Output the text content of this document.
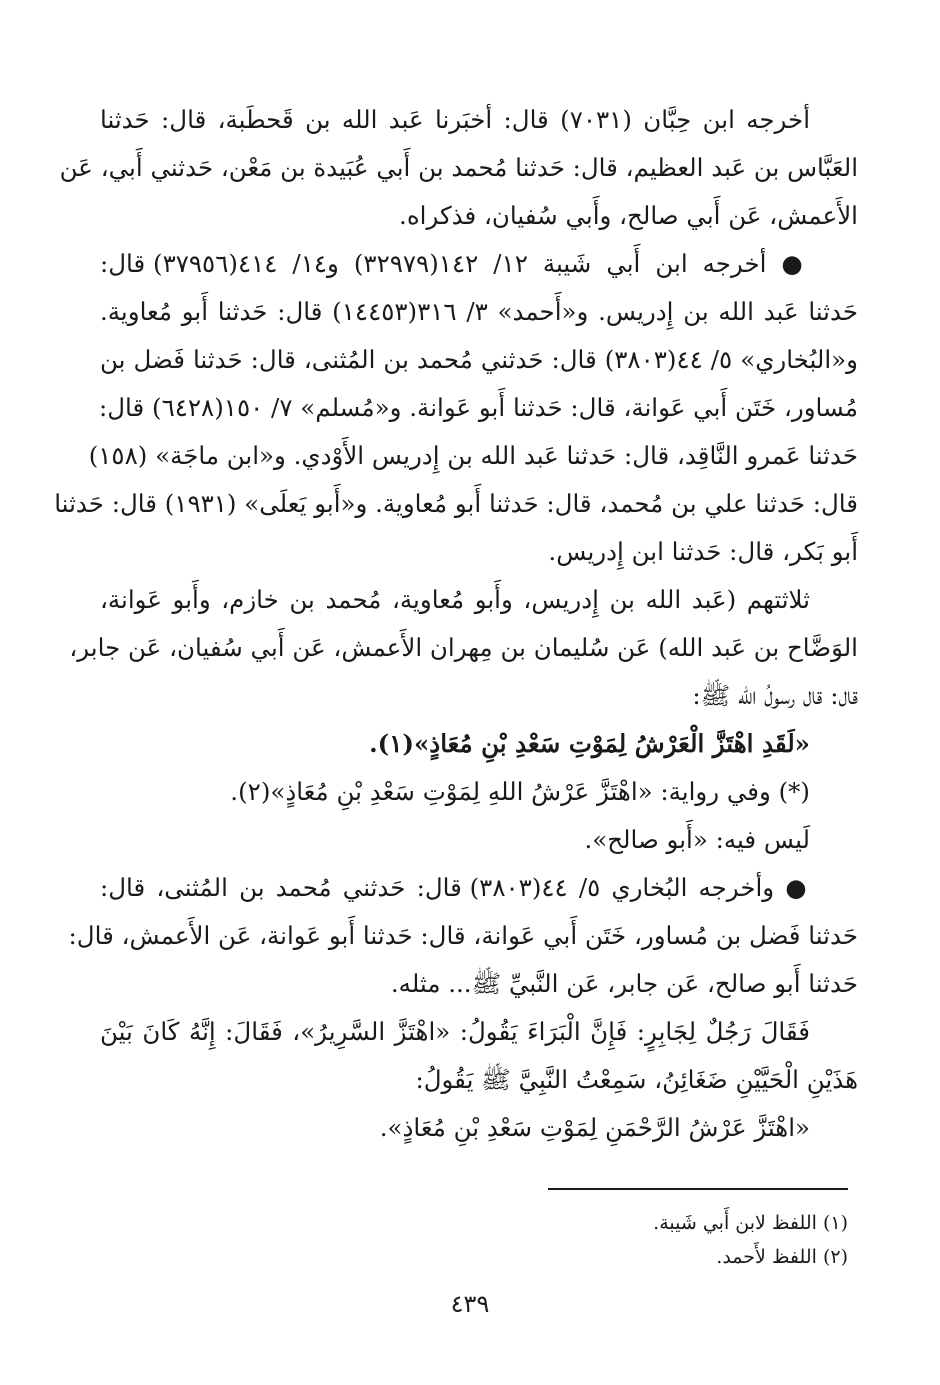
أخرجه ابن حِبَّان (٧٠٣١) قال: أخبَرنا عَبد الله بن قَحطَبة، قال: حَدثنا
العَبَّاس بن عَبد العظيم، قال: حَدثنا مُحمد بن أَبي عُبَيدة بن مَعْن، حَدثني أَبي، عَن
الأَعمش، عَن أَبي صالح، وأَبي سُفيان، فذكراه.
● أخرجه ابن أَبي شَيبة ١٢/ ١٤٢(٣٢٩٧٩) و١٤/ ٤١٤(٣٧٩٥٦) قال:
حَدثنا عَبد الله بن إِدريس. و«أَحمد» ٣/ ٣١٦(١٤٤٥٣) قال: حَدثنا أَبو مُعاوية.
و«البُخاري» ٥/ ٤٤(٣٨٠٣) قال: حَدثني مُحمد بن المُثنى، قال: حَدثنا فَضل بن
مُساور، خَتَن أَبي عَوانة، قال: حَدثنا أَبو عَوانة. و«مُسلم» ٧/ ١٥٠(٦٤٢٨) قال:
حَدثنا عَمرو النَّاقِد، قال: حَدثنا عَبد الله بن إِدريس الأَوْدي. و«ابن ماجَة» (١٥٨)
قال: حَدثنا علي بن مُحمد، قال: حَدثنا أَبو مُعاوية. و«أَبو يَعلَى» (١٩٣١) قال: حَدثنا
أَبو بَكر، قال: حَدثنا ابن إِدريس.
ثلاثتهم (عَبد الله بن إِدريس، وأَبو مُعاوية، مُحمد بن خازم، وأَبو عَوانة،
الوَضَّاح بن عَبد الله) عَن سُليمان بن مِهران الأَعمش، عَن أَبي سُفيان، عَن جابر،
قال: قال رسولُ الله ﷺ:
«لَقَدِ اهْتَزَّ الْعَرْشُ لِمَوْتِ سَعْدِ بْنِ مُعَاذٍ»(١).
(*) وفي رواية: «اهْتَزَّ عَرْشُ اللهِ لِمَوْتِ سَعْدِ بْنِ مُعَاذٍ»(٢).
لَيس فيه: «أَبو صالح».
● وأخرجه البُخاري ٥/ ٤٤(٣٨٠٣) قال: حَدثني مُحمد بن المُثنى، قال:
حَدثنا فَضل بن مُساور، خَتَن أَبي عَوانة، قال: حَدثنا أَبو عَوانة، عَن الأَعمش، قال:
حَدثنا أَبو صالح، عَن جابر، عَن النَّبيِّ ﷺ... مثله.
فَقَالَ رَجُلٌ لِجَابِرٍ: فَإِنَّ الْبَرَاءَ يَقُولُ: «اهْتَزَّ السَّرِيرُ»، فَقَالَ: إِنَّهُ كَانَ بَيْنَ
هَذَيْنِ الْحَيَّيْنِ ضَغَائِنُ، سَمِعْتُ النَّبِيَّ ﷺ يَقُولُ:
«اهْتَزَّ عَرْشُ الرَّحْمَنِ لِمَوْتِ سَعْدِ بْنِ مُعَاذٍ».
(١) اللفظ لابن أَبي شَيبة.
(٢) اللفظ لأَحمد.
٤٣٩
